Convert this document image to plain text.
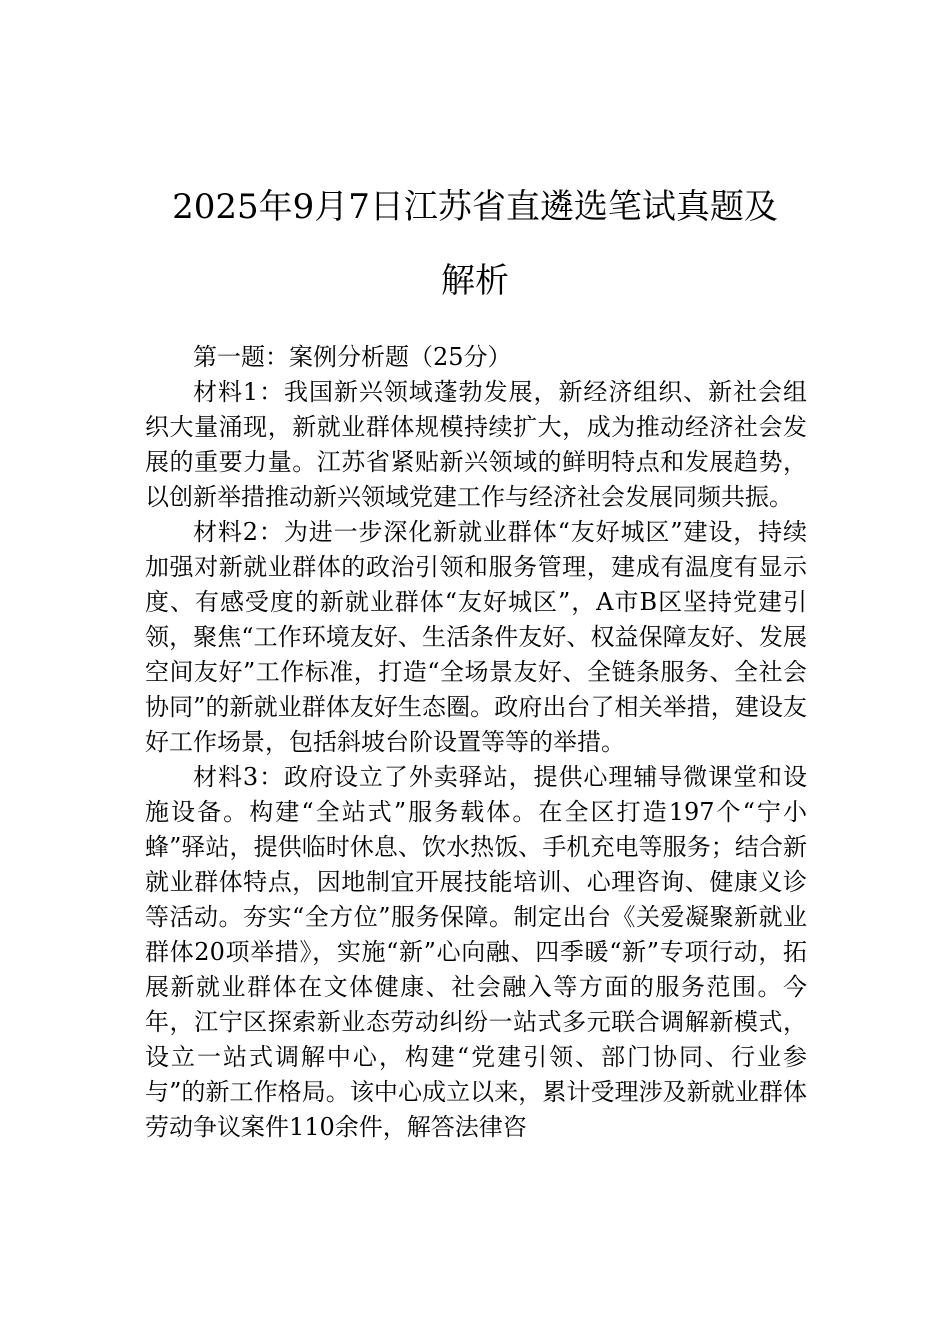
2025年9月7日江苏省直遴选笔试真题及
解析

第一题：案例分析题（25分）

材料1：我国新兴领域蓬勃发展，新经济组织、新社会组织大量涌现，新就业群体规模持续扩大，成为推动经济社会发展的重要力量。江苏省紧贴新兴领域的鲜明特点和发展趋势，以创新举措推动新兴领域党建工作与经济社会发展同频共振。

材料2：为进一步深化新就业群体“友好城区”建设，持续加强对新就业群体的政治引领和服务管理，建成有温度有显示度、有感受度的新就业群体“友好城区”，A市B区坚持党建引领，聚焦“工作环境友好、生活条件友好、权益保障友好、发展空间友好”工作标准，打造“全场景友好、全链条服务、全社会协同”的新就业群体友好生态圈。政府出台了相关举措，建设友好工作场景，包括斜坡台阶设置等等的举措。

材料3：政府设立了外卖驿站，提供心理辅导微课堂和设施设备。构建“全站式”服务载体。在全区打造197个“宁小蜂”驿站，提供临时休息、饮水热饭、手机充电等服务；结合新就业群体特点，因地制宜开展技能培训、心理咨询、健康义诊等活动。夯实“全方位”服务保障。制定出台《关爱凝聚新就业群体20项举措》，实施“新”心向融、四季暖“新”专项行动，拓展新就业群体在文体健康、社会融入等方面的服务范围。今年，江宁区探索新业态劳动纠纷一站式多元联合调解新模式，设立一站式调解中心，构建“党建引领、部门协同、行业参与”的新工作格局。该中心成立以来，累计受理涉及新就业群体劳动争议案件110余件，解答法律咨
